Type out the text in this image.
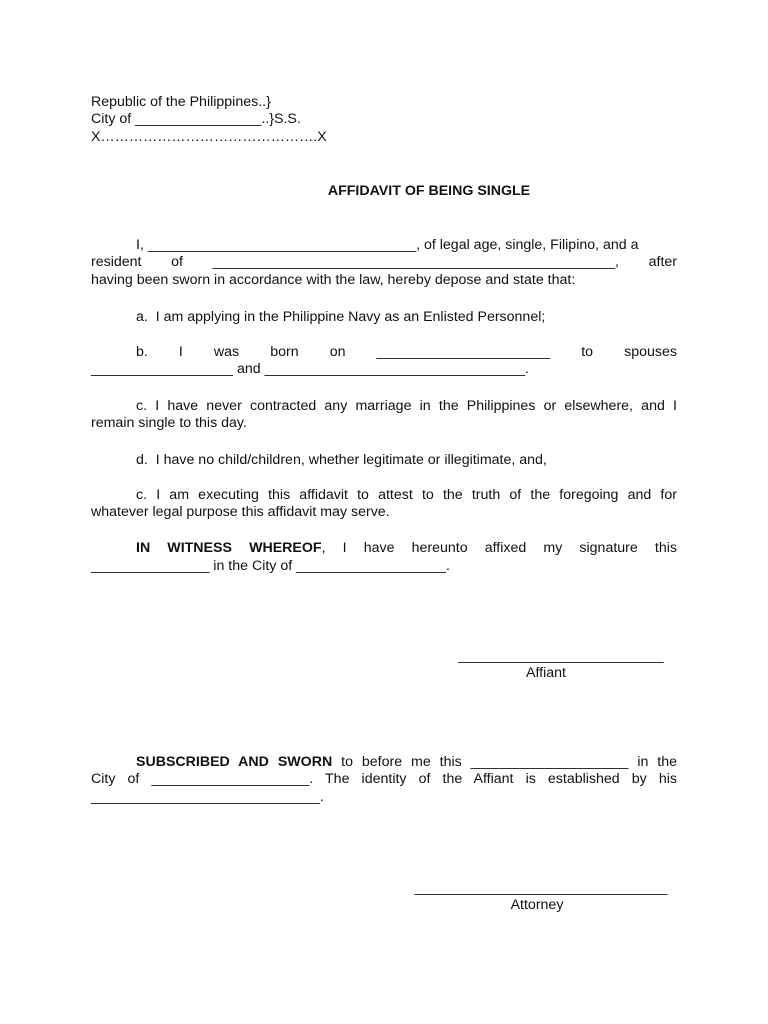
Republic of the Philippines..}
City of ________________..}S.S.
X……………………………………….X
AFFIDAVIT OF BEING SINGLE
I, __________________________________, of legal age, single, Filipino, and a
resident of ___________________________________________________, after
having been sworn in accordance with the law, hereby depose and state that:
a.  I am applying in the Philippine Navy as an Enlisted Personnel;
b. I was born on ______________________ to spouses
__________________ and _________________________________.
c. I have never contracted any marriage in the Philippines or elsewhere, and I
remain single to this day.
d.  I have no child/children, whether legitimate or illegitimate, and,
c. I am executing this affidavit to attest to the truth of the foregoing and for
whatever legal purpose this affidavit may serve.
IN WITNESS WHEREOF, I have hereunto affixed my signature this
_______________ in the City of ___________________.
__________________________
Affiant
SUBSCRIBED AND SWORN to before me this ____________________ in the
City of ____________________. The identity of the Affiant is established by his
_____________________________.
________________________________
Attorney
